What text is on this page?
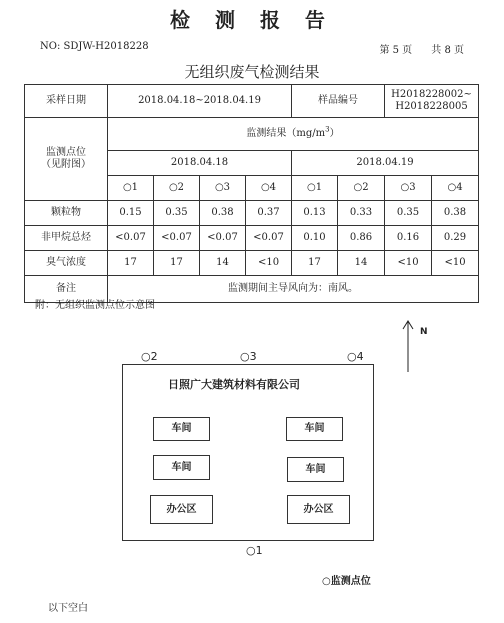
检 测 报 告
NO: SDJW-H2018228	第 5 页 共 8 页
无组织废气检测结果
采样日期	2018.04.18~2018.04.19				样品编号		H2018228002~
H2018228005	
监测点位
（见附图）	监测结果$(mg/m^3)$							
	2018.04.18				2018.04.19			
	○1	○2	○3	○4	○1	○2	○3	○4
颗粒物	0.15	0.35	0.38	0.37	0.13	0.33	0.35	0.38
非甲烷总烃	<0.07	<0.07	<0.07	<0.07	0.10	0.86	0.16	0.29
臭气浓度	17	17	14	<10	17	14	<10	<10
备注	监测期间主导风向为：南风。							
附：无组织监测点位示意图
N
○2	○3	○4
○1
日照广大建筑材料有限公司
车间	车间
车间	车间
办公区	办公区
○监测点位
以下空白
